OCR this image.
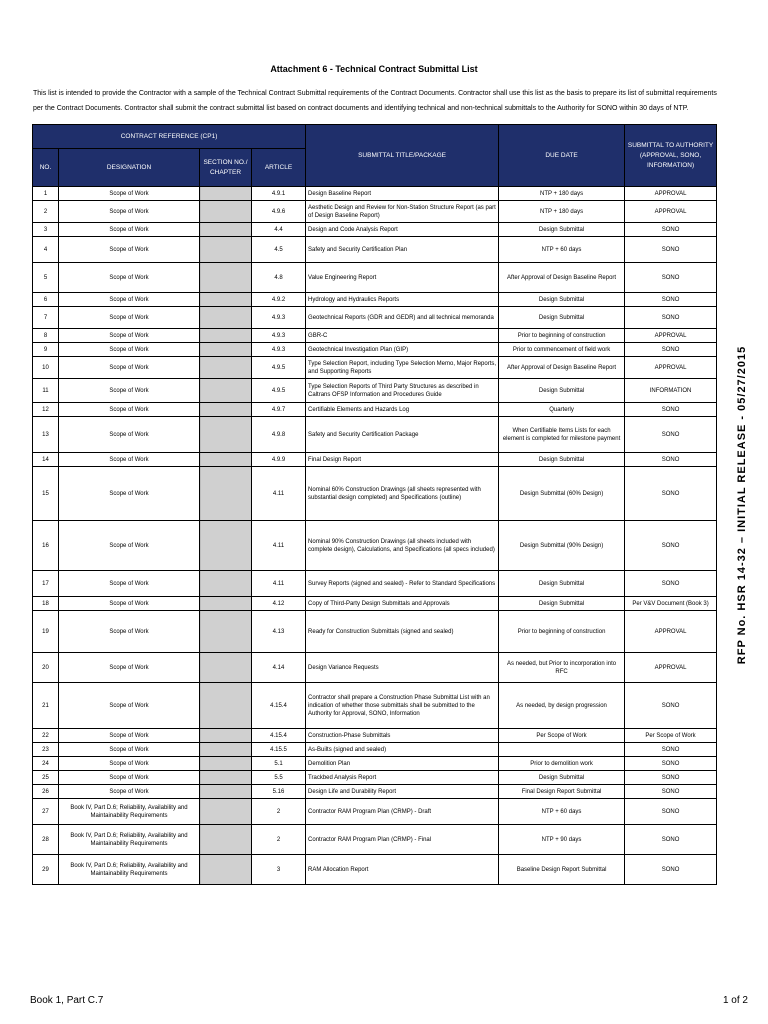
Attachment 6 - Technical Contract Submittal List
This list is intended to provide the Contractor with a sample of the Technical Contract Submittal requirements of the Contract Documents. Contractor shall use this list as the basis to prepare its list of submittal requirements per the Contract Documents. Contractor shall submit the contract submittal list based on contract documents and identifying technical and non-technical submittals to the Authority for SONO within 30 days of NTP.
CONTRACT REFERENCE (CP1)				SUBMITTAL TITLE/PACKAGE	DUE DATE	SUBMITTAL TO AUTHORITY (APPROVAL, SONO, INFORMATION)
NO.	DESIGNATION	SECTION NO./ CHAPTER	ARTICLE			
1	Scope of Work		4.9.1	Design Baseline Report	NTP + 180 days	APPROVAL
2	Scope of Work		4.9.6	Aesthetic Design and Review for Non-Station Structure Report (as part of Design Baseline Report)	NTP + 180 days	APPROVAL
3	Scope of Work		4.4	Design and Code Analysis Report	Design Submittal	SONO
4	Scope of Work		4.5	Safety and Security Certification Plan	NTP + 60 days	SONO
5	Scope of Work		4.8	Value Engineering Report	After Approval of Design Baseline Report	SONO
6	Scope of Work		4.9.2	Hydrology and Hydraulics Reports	Design Submittal	SONO
7	Scope of Work		4.9.3	Geotechnical Reports (GDR and GEDR) and all technical memoranda	Design Submittal	SONO
8	Scope of Work		4.9.3	GBR-C	Prior to beginning of construction	APPROVAL
9	Scope of Work		4.9.3	Geotechnical Investigation Plan (GIP)	Prior to commencement of field work	SONO
10	Scope of Work		4.9.5	Type Selection Report, including Type Selection Memo, Major Reports, and Supporting Reports	After Approval of Design Baseline Report	APPROVAL
11	Scope of Work		4.9.5	Type Selection Reports of Third Party Structures as described in Caltrans OFSP Information and Procedures Guide	Design Submittal	INFORMATION
12	Scope of Work		4.9.7	Certifiable Elements and Hazards Log	Quarterly	SONO
13	Scope of Work		4.9.8	Safety and Security Certification Package	When Certifiable Items Lists for each element is completed for milestone payment	SONO
14	Scope of Work		4.9.9	Final Design Report	Design Submittal	SONO
15	Scope of Work		4.11	Nominal 60% Construction Drawings (all sheets represented with substantial design completed) and Specifications (outline)	Design Submittal (60% Design)	SONO
16	Scope of Work		4.11	Nominal 90% Construction Drawings (all sheets included with complete design), Calculations, and Specifications (all specs included)	Design Submittal (90% Design)	SONO
17	Scope of Work		4.11	Survey Reports (signed and sealed) - Refer to Standard Specifications	Design Submittal	SONO
18	Scope of Work		4.12	Copy of Third-Party Design Submittals and Approvals	Design Submittal	Per V&V Document (Book 3)
19	Scope of Work		4.13	Ready for Construction Submittals (signed and sealed)	Prior to beginning of construction	APPROVAL
20	Scope of Work		4.14	Design Variance Requests	As needed, but Prior to incorporation into RFC	APPROVAL
21	Scope of Work		4.15.4	Contractor shall prepare a Construction Phase Submittal List with an indication of whether those submittals shall be submitted to the Authority for Approval, SONO, Information	As needed, by design progression	SONO
22	Scope of Work		4.15.4	Construction-Phase Submittals	Per Scope of Work	Per Scope of Work
23	Scope of Work		4.15.5	As-Builts (signed and sealed)		SONO
24	Scope of Work		5.1	Demolition Plan	Prior to demolition work	SONO
25	Scope of Work		5.5	Trackbed Analysis Report	Design Submittal	SONO
26	Scope of Work		5.16	Design Life and Durability Report	Final Design Report Submittal	SONO
27	Book IV, Part D.6; Reliability, Availability and Maintainability Requirements		2	Contractor RAM Program Plan (CRMP) - Draft	NTP + 60 days	SONO
28	Book IV, Part D.6; Reliability, Availability and Maintainability Requirements		2	Contractor RAM Program Plan (CRMP) - Final	NTP + 90 days	SONO
29	Book IV, Part D.6; Reliability, Availability and Maintainability Requirements		3	RAM Allocation Report	Baseline Design Report Submittal	SONO
Book 1, Part C.7	1 of 2
RFP No. HSR 14-32 – INITIAL RELEASE - 05/27/2015
